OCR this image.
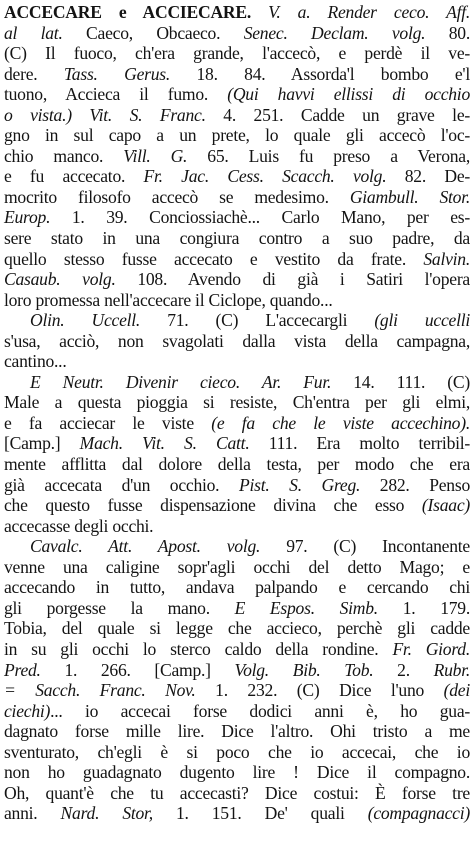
ACCECARE e ACCIECARE. V. a. Render ceco. Aff.
al lat. Caeco, Obcaeco. Senec. Declam. volg. 80.
(C) Il fuoco, ch'era grande, l'accecò, e perdè il ve-
dere. Tass. Gerus. 18. 84. Assorda'l bombo e'l
tuono, Accieca il fumo. (Qui havvi ellissi di occhio
o vista.) Vit. S. Franc. 4. 251. Cadde un grave le-
gno in sul capo a un prete, lo quale gli accecò l'oc-
chio manco. Vill. G. 65. Luis fu preso a Verona,
e fu accecato. Fr. Jac. Cess. Scacch. volg. 82. De-
mocrito filosofo accecò se medesimo. Giambull. Stor.
Europ. 1. 39. Conciossiachè... Carlo Mano, per es-
sere stato in una congiura contro a suo padre, da
quello stesso fusse accecato e vestito da frate. Salvin.
Casaub. volg. 108. Avendo di già i Satiri l'opera
loro promessa nell'accecare il Ciclope, quando...
Olin. Uccell. 71. (C) L'accecargli (gli uccelli
s'usa, acciò, non svagolati dalla vista della campagna,
cantino...
E Neutr. Divenir cieco. Ar. Fur. 14. 111. (C)
Male a questa pioggia si resiste, Ch'entra per gli elmi,
e fa acciecar le viste (e fa che le viste accechino).
[Camp.] Mach. Vit. S. Catt. 111. Era molto terribil-
mente afflitta dal dolore della testa, per modo che era
già accecata d'un occhio. Pist. S. Greg. 282. Penso
che questo fusse dispensazione divina che esso (Isaac)
accecasse degli occhi.
Cavalc. Att. Apost. volg. 97. (C) Incontanente
venne una caligine sopr'agli occhi del detto Mago; e
accecando in tutto, andava palpando e cercando chi
gli porgesse la mano. E Espos. Simb. 1. 179.
Tobia, del quale si legge che accieco, perchè gli cadde
in su gli occhi lo sterco caldo della rondine. Fr. Giord.
Pred. 1. 266. [Camp.] Volg. Bib. Tob. 2. Rubr.
= Sacch. Franc. Nov. 1. 232. (C) Dice l'uno (dei
ciechi)... io accecai forse dodici anni è, ho gua-
dagnato forse mille lire. Dice l'altro. Ohi tristo a me
sventurato, ch'egli è si poco che io accecai, che io
non ho guadagnato dugento lire ! Dice il compagno.
Oh, quant'è che tu accecasti? Dice costui: È forse tre
anni. Nard. Stor, 1. 151. De' quali (compagnacci)
